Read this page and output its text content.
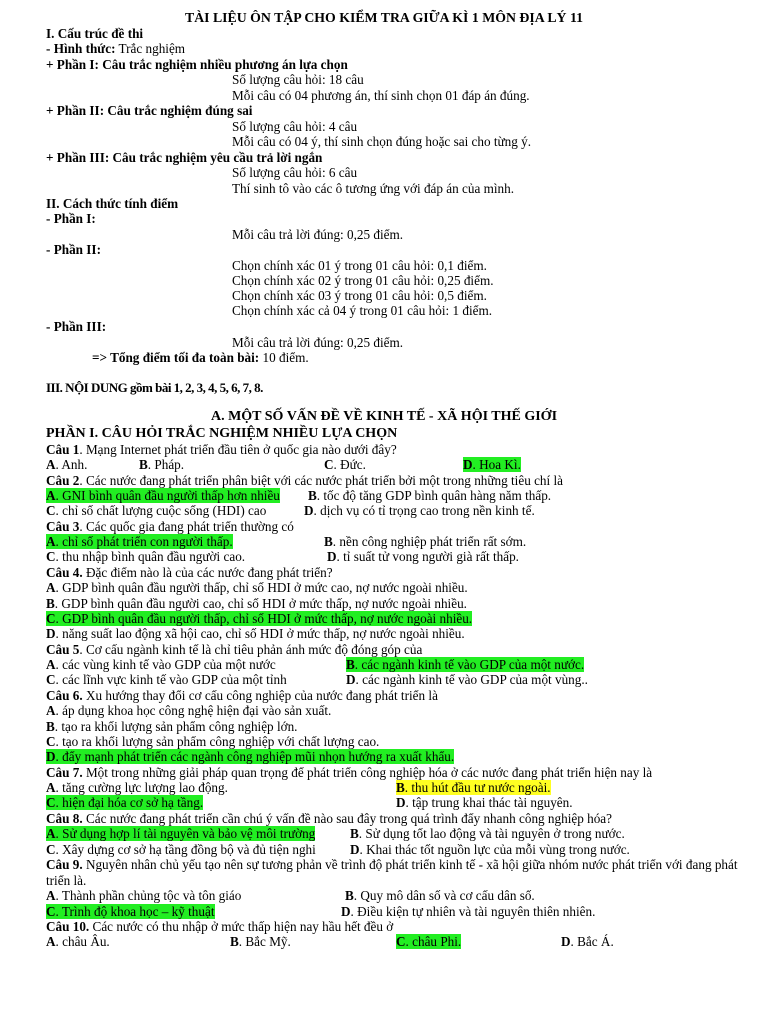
TÀI LIỆU ÔN TẬP CHO KIỂM TRA GIỮA KÌ 1 MÔN ĐỊA LÝ 11
I. Cấu trúc đề thi
- Hình thức: Trắc nghiệm
+ Phần I: Câu trắc nghiệm nhiều phương án lựa chọn
Số lượng câu hỏi: 18 câu
Mỗi câu có 04 phương án, thí sinh chọn 01 đáp án đúng.
+ Phần II: Câu trắc nghiệm đúng sai
Số lượng câu hỏi: 4 câu
Mỗi câu có 04 ý, thí sinh chọn đúng hoặc sai cho từng ý.
+ Phần III: Câu trắc nghiệm yêu cầu trả lời ngắn
Số lượng câu hỏi: 6 câu
Thí sinh tô vào các ô tương ứng với đáp án của mình.
II. Cách thức tính điểm
- Phần I:
Mỗi câu trả lời đúng: 0,25 điểm.
- Phần II:
Chọn chính xác 01 ý trong 01 câu hỏi: 0,1 điểm.
Chọn chính xác 02 ý trong 01 câu hỏi: 0,25 điểm.
Chọn chính xác 03 ý trong 01 câu hỏi: 0,5 điểm.
Chọn chính xác cả 04 ý trong 01 câu hỏi: 1 điểm.
- Phần III:
Mỗi câu trả lời đúng: 0,25 điểm.
=> Tổng điểm tối đa toàn bài: 10 điểm.
III. NỘI DUNG gồm bài 1, 2, 3, 4, 5, 6, 7, 8.
A. MỘT SỐ VẤN ĐỀ VỀ KINH TẾ - XÃ HỘI THẾ GIỚI
PHẦN I. CÂU HỎI TRẮC NGHIỆM NHIỀU LỰA CHỌN
Câu 1. Mạng Internet phát triển đầu tiên ở quốc gia nào dưới đây?
A. Anh.	B. Pháp.	C. Đức.	D. Hoa Kì.
Câu 2. Các nước đang phát triển phân biệt với các nước phát triển bởi một trong những tiêu chí là
A. GNI bình quân đầu người thấp hơn nhiều B. tốc độ tăng GDP bình quân hàng năm thấp.
C. chỉ số chất lượng cuộc sống (HDI) cao	D. dịch vụ có tỉ trọng cao trong nền kinh tế.
Câu 3. Các quốc gia đang phát triển thường có
A. chỉ số phát triển con người thấp.	B. nền công nghiệp phát triển rất sớm.
C. thu nhập bình quân đầu người cao.	D. tỉ suất tử vong người già rất thấp.
Câu 4. Đặc điểm nào là của các nước đang phát triển?
A. GDP bình quân đầu người thấp, chỉ số HDI ở mức cao, nợ nước ngoài nhiều.
B. GDP bình quân đầu người cao, chỉ số HDI ở mức thấp, nợ nước ngoài nhiều.
C. GDP bình quân đầu người thấp, chỉ số HDI ở mức thấp, nợ nước ngoài nhiều.
D. năng suất lao động xã hội cao, chỉ số HDI ở mức thấp, nợ nước ngoài nhiều.
Câu 5. Cơ cấu ngành kinh tế là chỉ tiêu phản ánh mức độ đóng góp của
A. các vùng kinh tế vào GDP của một nước	B. các ngành kinh tế vào GDP của một nước.
C. các lĩnh vực kinh tế vào GDP của một tỉnh	D. các ngành kinh tế vào GDP của một vùng..
Câu 6. Xu hướng thay đổi cơ cấu công nghiệp của nước đang phát triển là
A. áp dụng khoa học công nghệ hiện đại vào sản xuất.
B. tạo ra khối lượng sản phẩm công nghiệp lớn.
C. tạo ra khối lượng sản phẩm công nghiệp với chất lượng cao.
D. đẩy mạnh phát triển các ngành công nghiệp mũi nhọn hướng ra xuất khẩu.
Câu 7. Một trong những giải pháp quan trọng để phát triển công nghiệp hóa ở các nước đang phát triển hiện nay là
A. tăng cường lực lượng lao động.	B. thu hút đầu tư nước ngoài.
C. hiện đại hóa cơ sở hạ tầng.	D. tập trung khai thác tài nguyên.
Câu 8. Các nước đang phát triển cần chú ý vấn đề nào sau đây trong quá trình đẩy nhanh công nghiệp hóa?
A. Sử dụng hợp lí tài nguyên và bảo vệ môi trường	B. Sử dụng tốt lao động và tài nguyên ở trong nước.
C. Xây dựng cơ sở hạ tầng đồng bộ và đủ tiện nghi	D. Khai thác tốt nguồn lực của mỗi vùng trong nước.
Câu 9. Nguyên nhân chủ yếu tạo nên sự tương phản về trình độ phát triển kinh tế - xã hội giữa nhóm nước phát triển với đang phát triển là.
A. Thành phần chủng tộc và tôn giáo	B. Quy mô dân số và cơ cấu dân số.
C. Trình độ khoa học – kỹ thuật	D. Điều kiện tự nhiên và tài nguyên thiên nhiên.
Câu 10. Các nước có thu nhập ở mức thấp hiện nay hầu hết đều ở
A. châu Âu.	B. Bắc Mỹ.	C. châu Phi.	D. Bắc Á.
